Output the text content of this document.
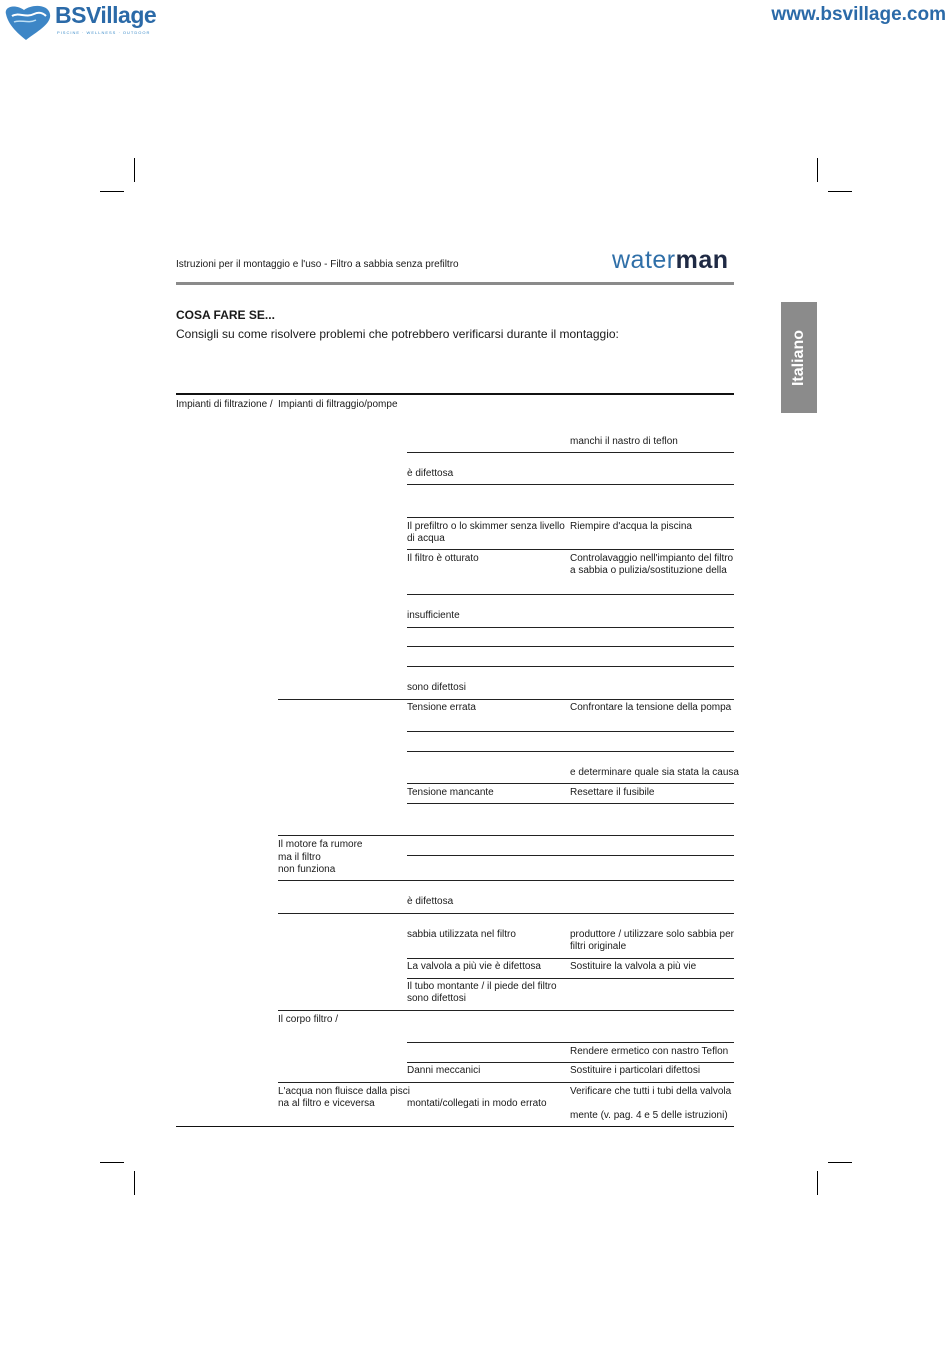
BSVillage
PISCINE · WELLNESS · OUTDOOR
www.bsvillage.com
Istruzioni per il montaggio e l'uso - Filtro a sabbia senza prefiltro	waterman
Italiano
COSA FARE SE...
Consigli su come risolvere problemi che potrebbero verificarsi durante il montaggio:
Impianti di filtrazione / Impianti di filtraggio/pompe
Il motore fa rumore
ma il filtro
non funziona
Il corpo filtro /
L'acqua non fluisce dalla pisci
na al filtro e viceversa
è difettosa
Il prefiltro o lo skimmer senza livello
di acqua
Il filtro è otturato
insufficiente
sono difettosi
Tensione errata
Tensione mancante
è difettosa
sabbia utilizzata nel filtro
La valvola a più vie è difettosa
Il tubo montante / il piede del filtro
sono difettosi
Danni meccanici
montati/collegati in modo errato
manchi il nastro di teflon
Riempire d'acqua la piscina
Controlavaggio nell'impianto del filtro
a sabbia o pulizia/sostituzione della
Confrontare la tensione della pompa
e determinare quale sia stata la causa
Resettare il fusibile
produttore / utilizzare solo sabbia per
filtri originale
Sostituire la valvola a più vie
Rendere ermetico con nastro Teflon
Sostituire i particolari difettosi
Verificare che tutti i tubi della valvola
mente (v. pag. 4 e 5 delle istruzioni)
